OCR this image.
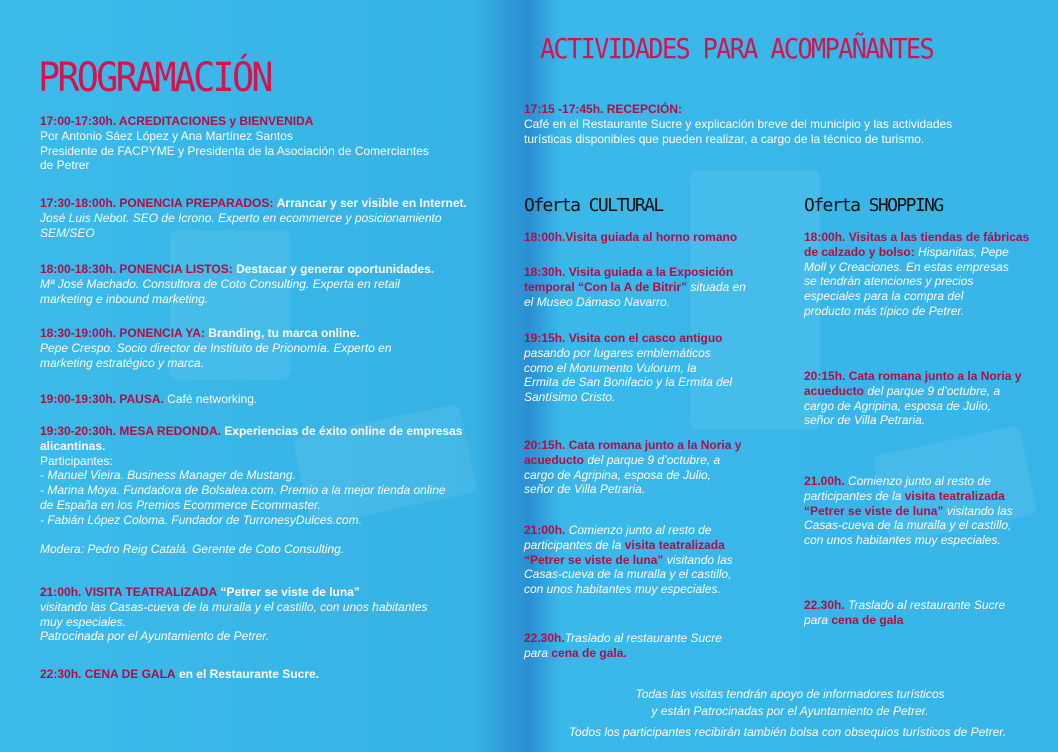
PROGRAMACIÓN

17:00-17:30h. ACREDITACIONES y BIENVENIDA

Por Antonio Sáez López y Ana Martínez Santos

Presidente de FACPYME y Presidenta de la Asociación de Comerciantes

de Petrer

17:30-18:00h. PONENCIA PREPARADOS: Arrancar y ser visible en Internet.

José Luis Nebot. SEO de Icrono. Experto en ecommerce y posicionamiento

SEM/SEO

18:00-18:30h. PONENCIA LISTOS: Destacar y generar oportunidades.

Mª José Machado. Consultora de Coto Consulting. Experta en retail

marketing e inbound marketing.

18:30-19:00h. PONENCIA YA: Branding, tu marca online.

Pepe Crespo. Socio director de Instituto de Prionomía. Experto en

marketing estratégico y marca.

19:00-19:30h. PAUSA. Café networking.

19:30-20:30h. MESA REDONDA. Experiencias de éxito online de empresas

alicantinas.

Participantes:

- Manuel Vieira. Business Manager de Mustang.

- Marina Moya. Fundadora de Bolsalea.com. Premio a la mejor tienda online

de España en los Premios Ecommerce Ecommaster.

- Fabián López Coloma. Fundador de TurronesyDulces.com.

Modera: Pedro Reig Catalá. Gerente de Coto Consulting.

21:00h. VISITA TEATRALIZADA “Petrer se viste de luna”

visitando las Casas-cueva de la muralla y el castillo, con unos habitantes

muy especiales.

Patrocinada por el Ayuntamiento de Petrer.

22:30h. CENA DE GALA en el Restaurante Sucre.

ACTIVIDADES PARA ACOMPAÑANTES

17:15 -17:45h. RECEPCIÓN:

Café en el Restaurante Sucre y explicación breve del municipio y las actividades

turísticas disponibles que pueden realizar, a cargo de la técnico de turismo.

Oferta CULTURAL	Oferta SHOPPING

18:00h.Visita guiada al horno romano

18:30h. Visita guiada a la Exposición

temporal “Con la A de Bitrir” situada en

el Museo Dámaso Navarro.

19:15h. Visita con el casco antiguo

pasando por lugares emblemáticos

como el Monumento Vulorum, la

Ermita de San Bonifacio y la Ermita del

Santísimo Cristo.

20:15h. Cata romana junto a la Noria y

acueducto del parque 9 d’octubre, a

cargo de Agripina, esposa de Julio,

señor de Villa Petraria.

21:00h. Comienzo junto al resto de

participantes de la visita teatralizada

“Petrer se viste de luna” visitando las

Casas-cueva de la muralla y el castillo,

con unos habitantes muy especiales.

22.30h.Traslado al restaurante Sucre

para cena de gala.

18:00h. Visitas a las tiendas de fábricas

de calzado y bolso: Hispanitas, Pepe

Moll y Creaciones. En estas empresas

se tendrán atenciones y precios

especiales para la compra del

producto más típico de Petrer.

20:15h. Cata romana junto a la Noria y

acueducto del parque 9 d’octubre, a

cargo de Agripina, esposa de Julio,

señor de Villa Petraria.

21.00h. Comienzo junto al resto de

participantes de la visita teatralizada

“Petrer se viste de luna” visitando las

Casas-cueva de la muralla y el castillo,

con unos habitantes muy especiales.

22.30h. Traslado al restaurante Sucre

para cena de gala

Todas las visitas tendrán apoyo de informadores turísticos
y están Patrocinadas por el Ayuntamiento de Petrer.
Todos los participantes recibirán también bolsa con obsequios turísticos de Petrer.
